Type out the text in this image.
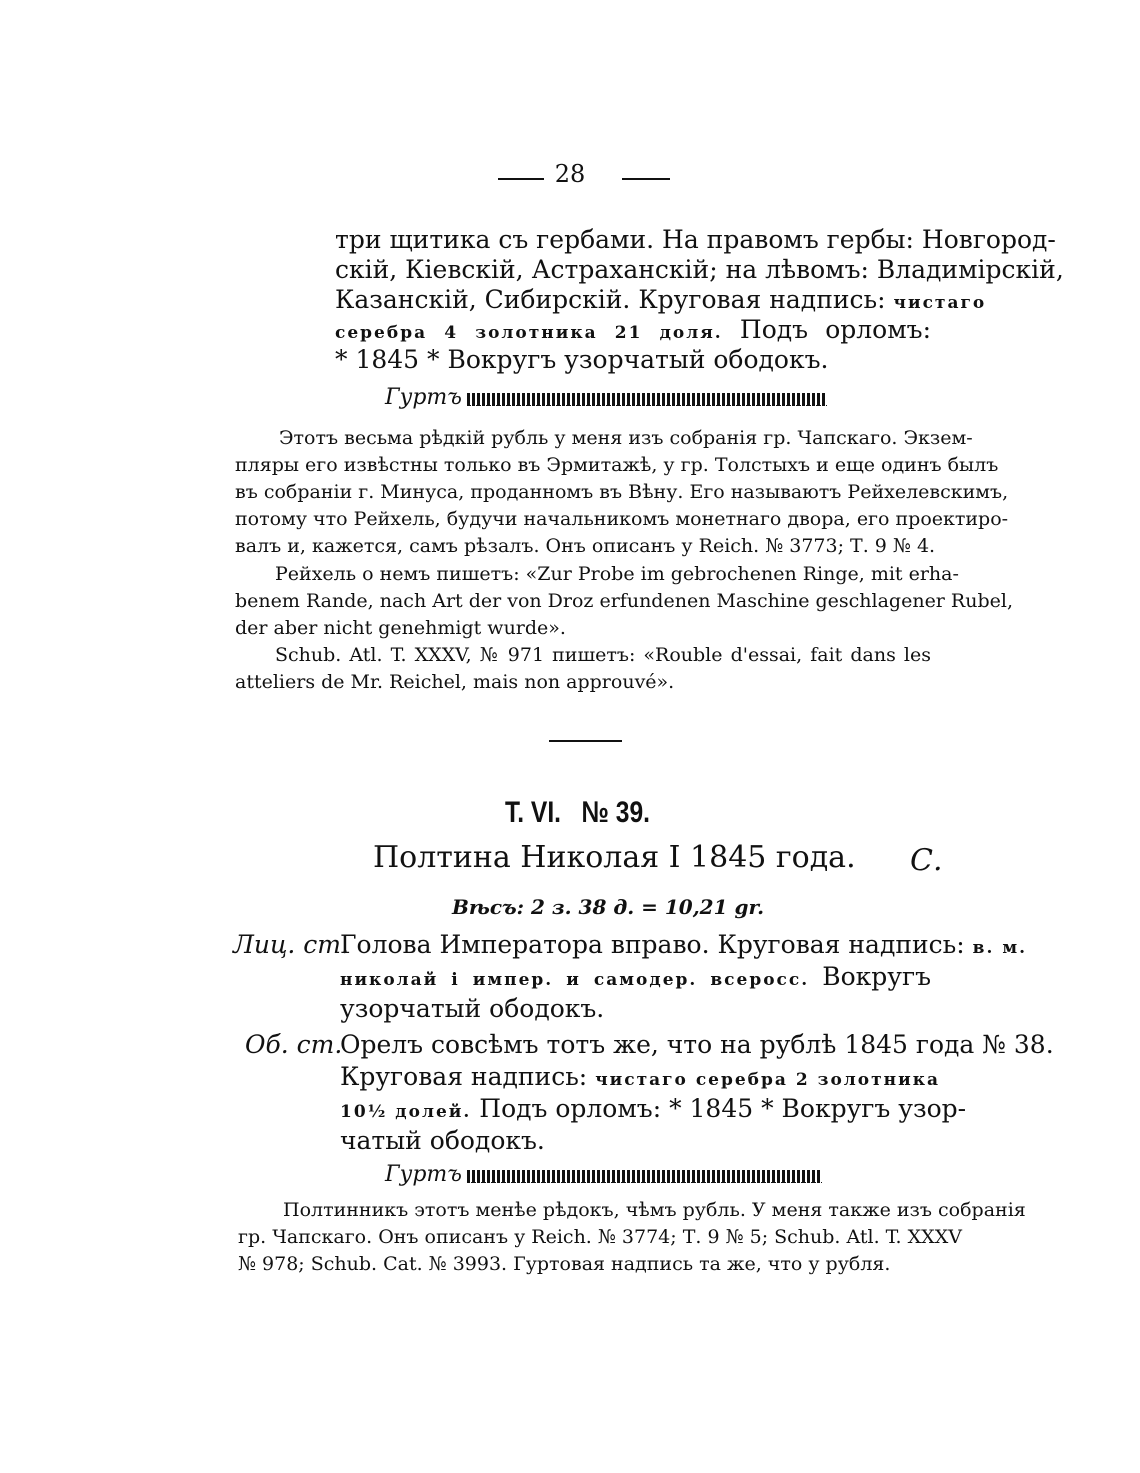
28
три щитика съ гербами. На правомъ гербы: Новгород-
скій, Кіевскій, Астраханскій; на лѣвомъ: Владимірскій,
Казанскій, Сибирскій. Круговая надпись: чистаго
серебра 4 золотника 21 доля. Подъ орломъ:
* 1845 * Вокругъ узорчатый ободокъ.
Гуртъ
Этотъ весьма рѣдкій рубль у меня изъ собранія гр. Чапскаго. Экзем-
пляры его извѣстны только въ Эрмитажѣ, у гр. Толстыхъ и еще одинъ былъ
въ собраніи г. Минуса, проданномъ въ Вѣну. Его называютъ Рейхелевскимъ,
потому что Рейхель, будучи начальникомъ монетнаго двора, его проектиро-
валъ и, кажется, самъ рѣзалъ. Онъ описанъ у Reich. № 3773; Т. 9 № 4.
Рейхель о немъ пишетъ: «Zur Probe im gebrochenen Ringe, mit erha-
benem Rande, nach Art der von Droz erfundenen Maschine geschlagener Rubel,
der aber nicht genehmigt wurde».
Schub. Atl. T. XXXV, № 971 пишетъ: «Rouble d'essai, fait dans les
atteliers de Mr. Reichel, mais non approuvé».
Т. VI.   № 39.
Полтина Николая I 1845 года. С.
Вѣсъ: 2 з. 38 д. = 10,21 gr.
Лиц. ст.
Голова Императора вправо. Круговая надпись: в. м.
николай i импер. и самодер. всеросс. Вокругъ
узорчатый ободокъ.
Об. ст.
Орелъ совсѣмъ тотъ же, что на рублѣ 1845 года № 38.
Круговая надпись: чистаго серебра 2 золотника
10½ долей. Подъ орломъ: * 1845 * Вокругъ узор-
чатый ободокъ.
Гуртъ
Полтинникъ этотъ менѣе рѣдокъ, чѣмъ рубль. У меня также изъ собранія
гр. Чапскаго. Онъ описанъ у Reich. № 3774; Т. 9 № 5; Schub. Atl. T. XXXV
№ 978; Schub. Cat. № 3993. Гуртовая надпись та же, что у рубля.
